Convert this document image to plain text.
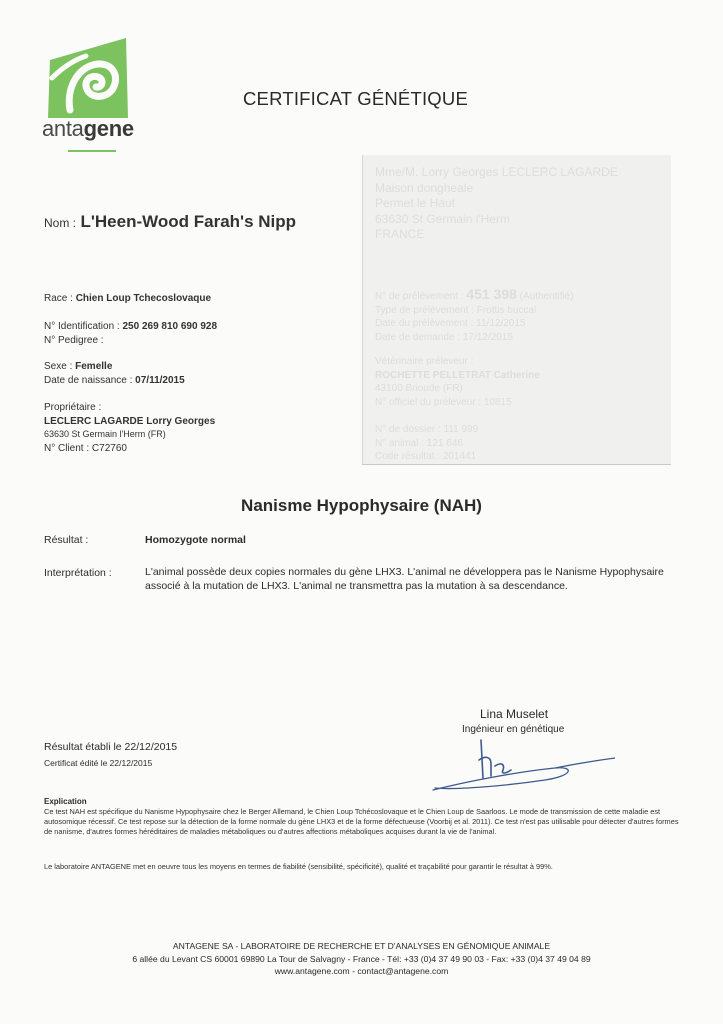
antagene
CERTIFICAT GÉNÉTIQUE
Nom : L'Heen-Wood Farah's Nipp
Race : Chien Loup Tchecoslovaque
N° Identification : 250 269 810 690 928
N° Pedigree :
Sexe : Femelle
Date de naissance : 07/11/2015
Propriétaire :
LECLERC LAGARDE Lorry Georges
63630 St Germain l'Herm (FR)
N° Client : C72760
Mme/M. Lorry Georges LECLERC LAGARDE
Maison dongheale
Permet le Haut
63630 St Germain l'Herm
FRANCE
N° de prélèvement : 451 398 (Authentifié)
Type de prélèvement : Frottis buccal
Date du prélèvement : 11/12/2015
Date de demande : 17/12/2015
Vétérinaire préleveur :
ROCHETTE PELLETRAT Catherine
43100 Brioude (FR)
N° officiel du préleveur : 10815
N° de dossier : 111 999
N° animal : 121 646
Code résultat : 201441
Nanisme Hypophysaire (NAH)
Résultat :	Homozygote normal
Interprétation :	L'animal possède deux copies normales du gène LHX3. L'animal ne développera pas le Nanisme Hypophysaire associé à la mutation de LHX3. L'animal ne transmettra pas la mutation à sa descendance.
Lina Muselet
Ingénieur en génétique
Résultat établi le 22/12/2015
Certificat édité le 22/12/2015
Explication
Ce test NAH est spécifique du Nanisme Hypophysaire chez le Berger Allemand, le Chien Loup Tchécoslovaque et le Chien Loup de Saarloos. Le mode de transmission de cette maladie est autosomique récessif. Ce test repose sur la détection de la forme normale du gène LHX3 et de la forme défectueuse (Voorbij et al. 2011). Ce test n'est pas utilisable pour détecter d'autres formes de nanisme, d'autres formes héréditaires de maladies métaboliques ou d'autres affections métaboliques acquises durant la vie de l'animal.
Le laboratoire ANTAGENE met en oeuvre tous les moyens en termes de fiabilité (sensibilité, spécificité), qualité et traçabilité pour garantir le résultat à 99%.
ANTAGENE SA - LABORATOIRE DE RECHERCHE ET D'ANALYSES EN GÉNOMIQUE ANIMALE
6 allée du Levant CS 60001 69890 La Tour de Salvagny - France - Tél: +33 (0)4 37 49 90 03 - Fax: +33 (0)4 37 49 04 89
www.antagene.com - contact@antagene.com
